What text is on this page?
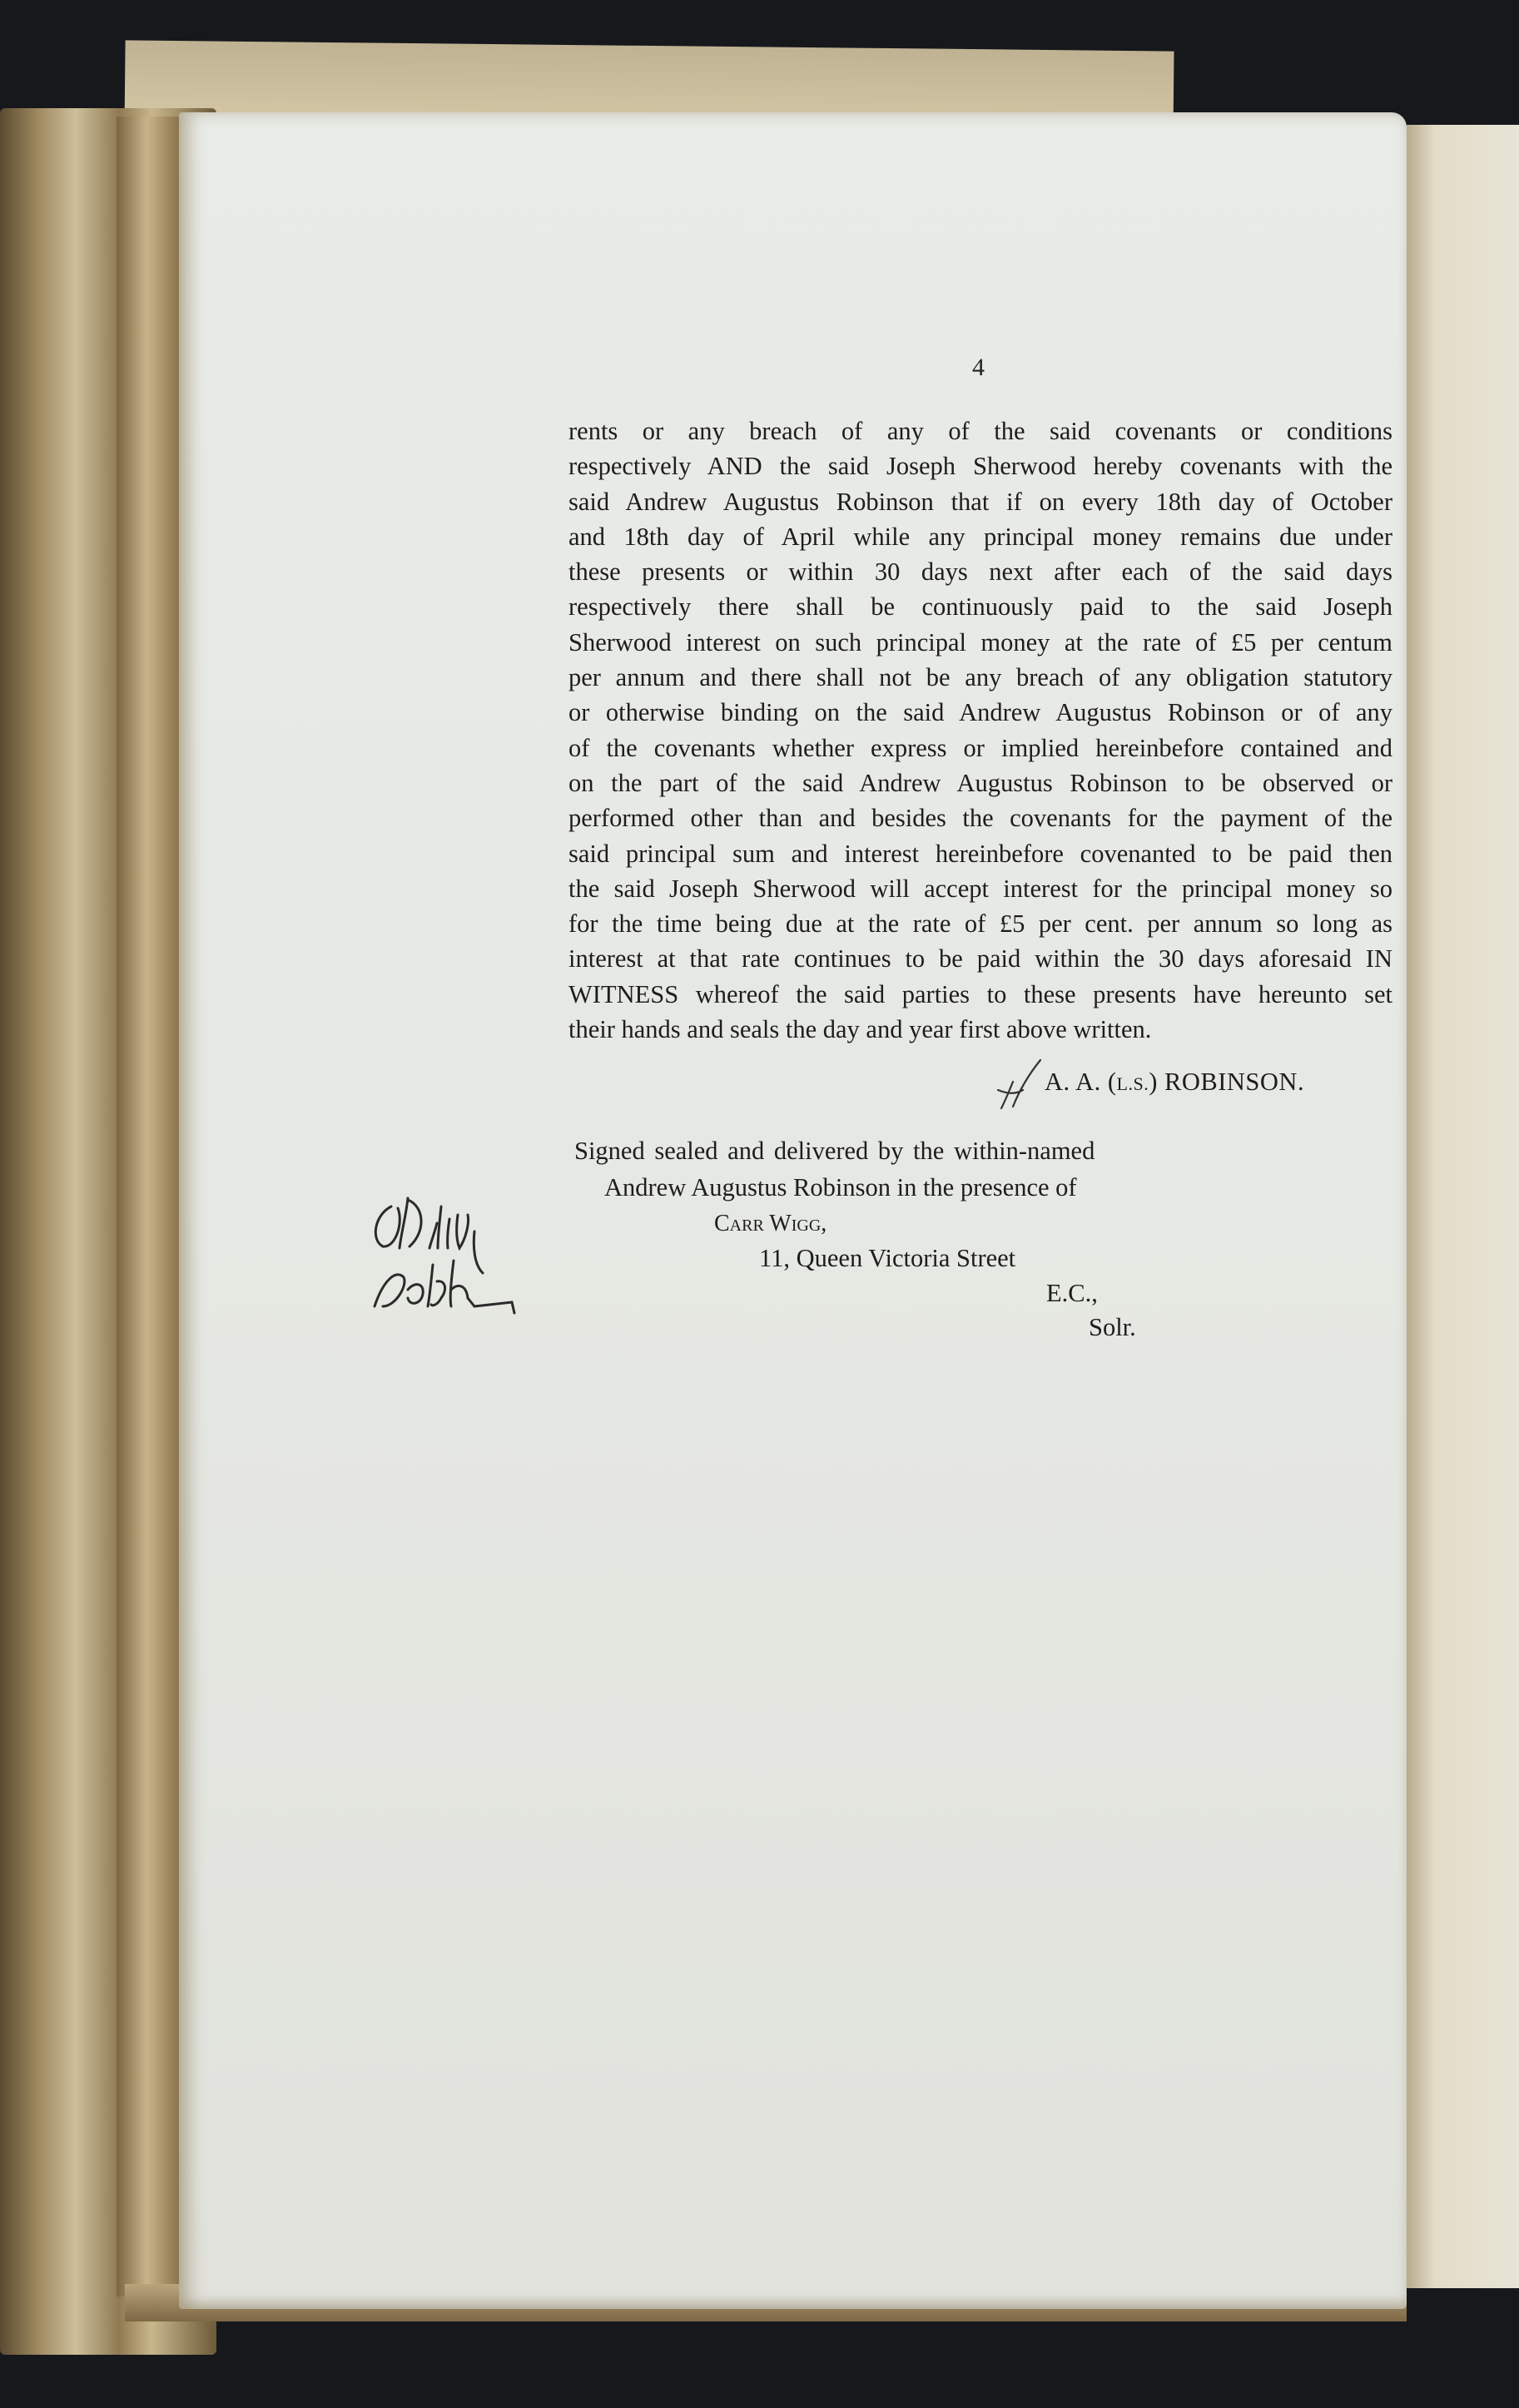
4
rents or any breach of any of the said covenants or conditions
respectively AND the said Joseph Sherwood hereby covenants with the
said Andrew Augustus Robinson that if on every 18th day of October
and 18th day of April while any principal money remains due under
these presents or within 30 days next after each of the said days
respectively there shall be continuously paid to the said Joseph
Sherwood interest on such principal money at the rate of £5 per centum
per annum and there shall not be any breach of any obligation statutory
or otherwise binding on the said Andrew Augustus Robinson or of any
of the covenants whether express or implied hereinbefore contained and
on the part of the said Andrew Augustus Robinson to be observed or
performed other than and besides the covenants for the payment of the
said principal sum and interest hereinbefore covenanted to be paid then
the said Joseph Sherwood will accept interest for the principal money so
for the time being due at the rate of £5 per cent. per annum so long as
interest at that rate continues to be paid within the 30 days aforesaid IN
WITNESS whereof the said parties to these presents have hereunto set
their hands and seals the day and year first above written.
A. A. (L.S.) ROBINSON.
Signed sealed and delivered by the within-named
Andrew Augustus Robinson in the presence of
Carr Wigg,
11, Queen Victoria Street
E.C.,
Solr.
